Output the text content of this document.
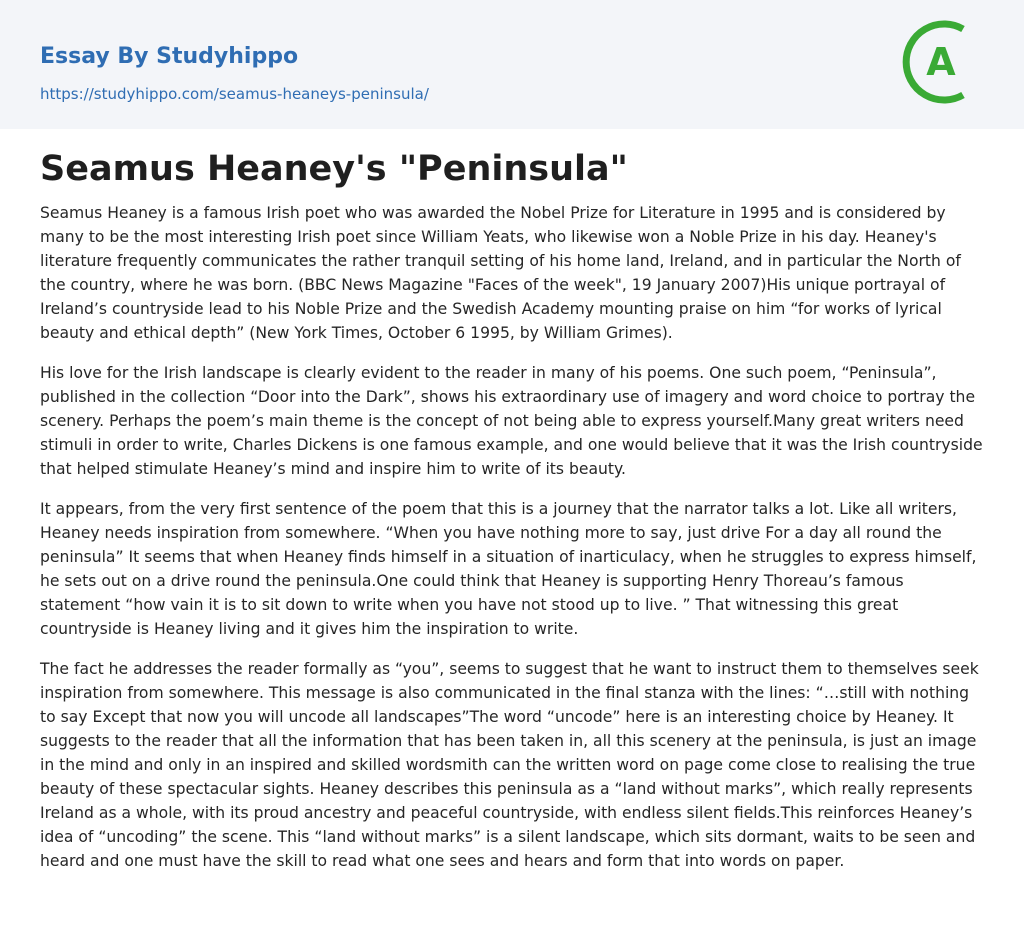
Essay By Studyhippo
https://studyhippo.com/seamus-heaneys-peninsula/
A
Seamus Heaney's "Peninsula"

Seamus Heaney is a famous Irish poet who was awarded the Nobel Prize for Literature in 1995 and is considered by many to be the most interesting Irish poet since William Yeats, who likewise won a Noble Prize in his day. Heaney's literature frequently communicates the rather tranquil setting of his home land, Ireland, and in particular the North of the country, where he was born. (BBC News Magazine "Faces of the week", 19 January 2007)His unique portrayal of Ireland’s countryside lead to his Noble Prize and the Swedish Academy mounting praise on him “for works of lyrical beauty and ethical depth” (New York Times, October 6 1995, by William Grimes).

His love for the Irish landscape is clearly evident to the reader in many of his poems. One such poem, “Peninsula”, published in the collection “Door into the Dark”, shows his extraordinary use of imagery and word choice to portray the scenery. Perhaps the poem’s main theme is the concept of not being able to express yourself.Many great writers need stimuli in order to write, Charles Dickens is one famous example, and one would believe that it was the Irish countryside that helped stimulate Heaney’s mind and inspire him to write of its beauty.

It appears, from the very first sentence of the poem that this is a journey that the narrator talks a lot. Like all writers, Heaney needs inspiration from somewhere. “When you have nothing more to say, just drive For a day all round the peninsula” It seems that when Heaney finds himself in a situation of inarticulacy, when he struggles to express himself, he sets out on a drive round the peninsula.One could think that Heaney is supporting Henry Thoreau’s famous statement “how vain it is to sit down to write when you have not stood up to live. ” That witnessing this great countryside is Heaney living and it gives him the inspiration to write.

The fact he addresses the reader formally as “you”, seems to suggest that he want to instruct them to themselves seek inspiration from somewhere. This message is also communicated in the final stanza with the lines: “…still with nothing to say Except that now you will uncode all landscapes”The word “uncode” here is an interesting choice by Heaney. It suggests to the reader that all the information that has been taken in, all this scenery at the peninsula, is just an image in the mind and only in an inspired and skilled wordsmith can the written word on page come close to realising the true beauty of these spectacular sights. Heaney describes this peninsula as a “land without marks”, which really represents Ireland as a whole, with its proud ancestry and peaceful countryside, with endless silent fields.This reinforces Heaney’s idea of “uncoding” the scene. This “land without marks” is a silent landscape, which sits dormant, waits to be seen and heard and one must have the skill to read what one sees and hears and form that into words on paper.
